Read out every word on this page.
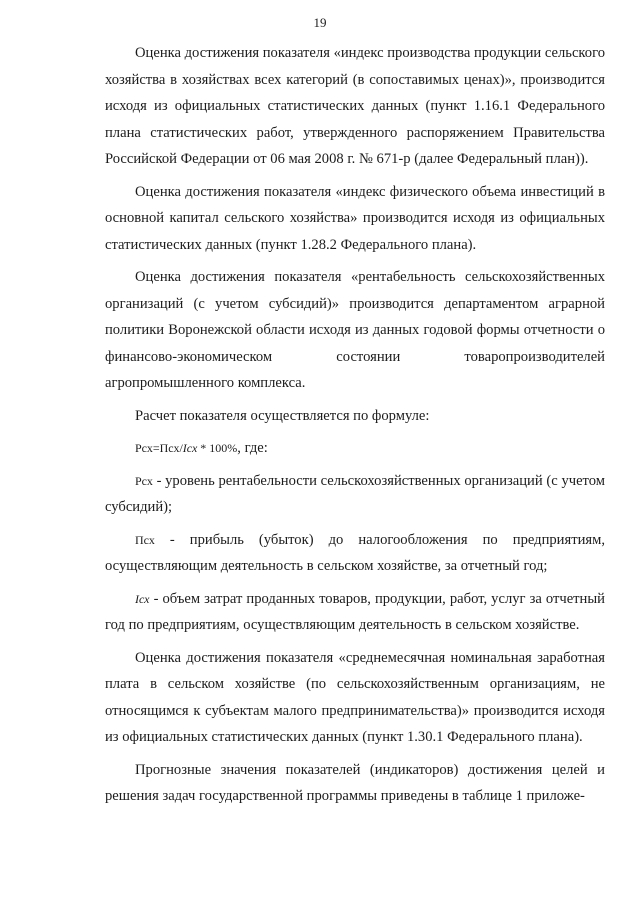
19

Оценка достижения показателя «индекс производства продукции сельского хозяйства в хозяйствах всех категорий (в сопоставимых ценах)», производится исходя из официальных статистических данных (пункт 1.16.1 Федерального плана статистических работ, утвержденного распоряжением Правительства Российской Федерации от 06 мая 2008 г. № 671-р (далее Федеральный план)).

Оценка достижения показателя «индекс физического объема инвестиций в основной капитал сельского хозяйства» производится исходя из официальных статистических данных (пункт 1.28.2 Федерального плана).

Оценка достижения показателя «рентабельность сельскохозяйственных организаций (с учетом субсидий)» производится департаментом аграрной политики Воронежской области исходя из данных годовой формы отчетности о финансово-экономическом состоянии товаропроизводителей агропромышленного комплекса.

Расчет показателя осуществляется по формуле:

Рсх=Псх/Iсх * 100%, где:

Рсх - уровень рентабельности сельскохозяйственных организаций (с учетом субсидий);

Псх - прибыль (убыток) до налогообложения по предприятиям, осуществляющим деятельность в сельском хозяйстве, за отчетный год;

Iсх - объем затрат проданных товаров, продукции, работ, услуг за отчетный год по предприятиям, осуществляющим деятельность в сельском хозяйстве.

Оценка достижения показателя «среднемесячная номинальная заработная плата в сельском хозяйстве (по сельскохозяйственным организациям, не относящимся к субъектам малого предпринимательства)» производится исходя из официальных статистических данных (пункт 1.30.1 Федерального плана).

Прогнозные значения показателей (индикаторов) достижения целей и решения задач государственной программы приведены в таблице 1 приложе-
